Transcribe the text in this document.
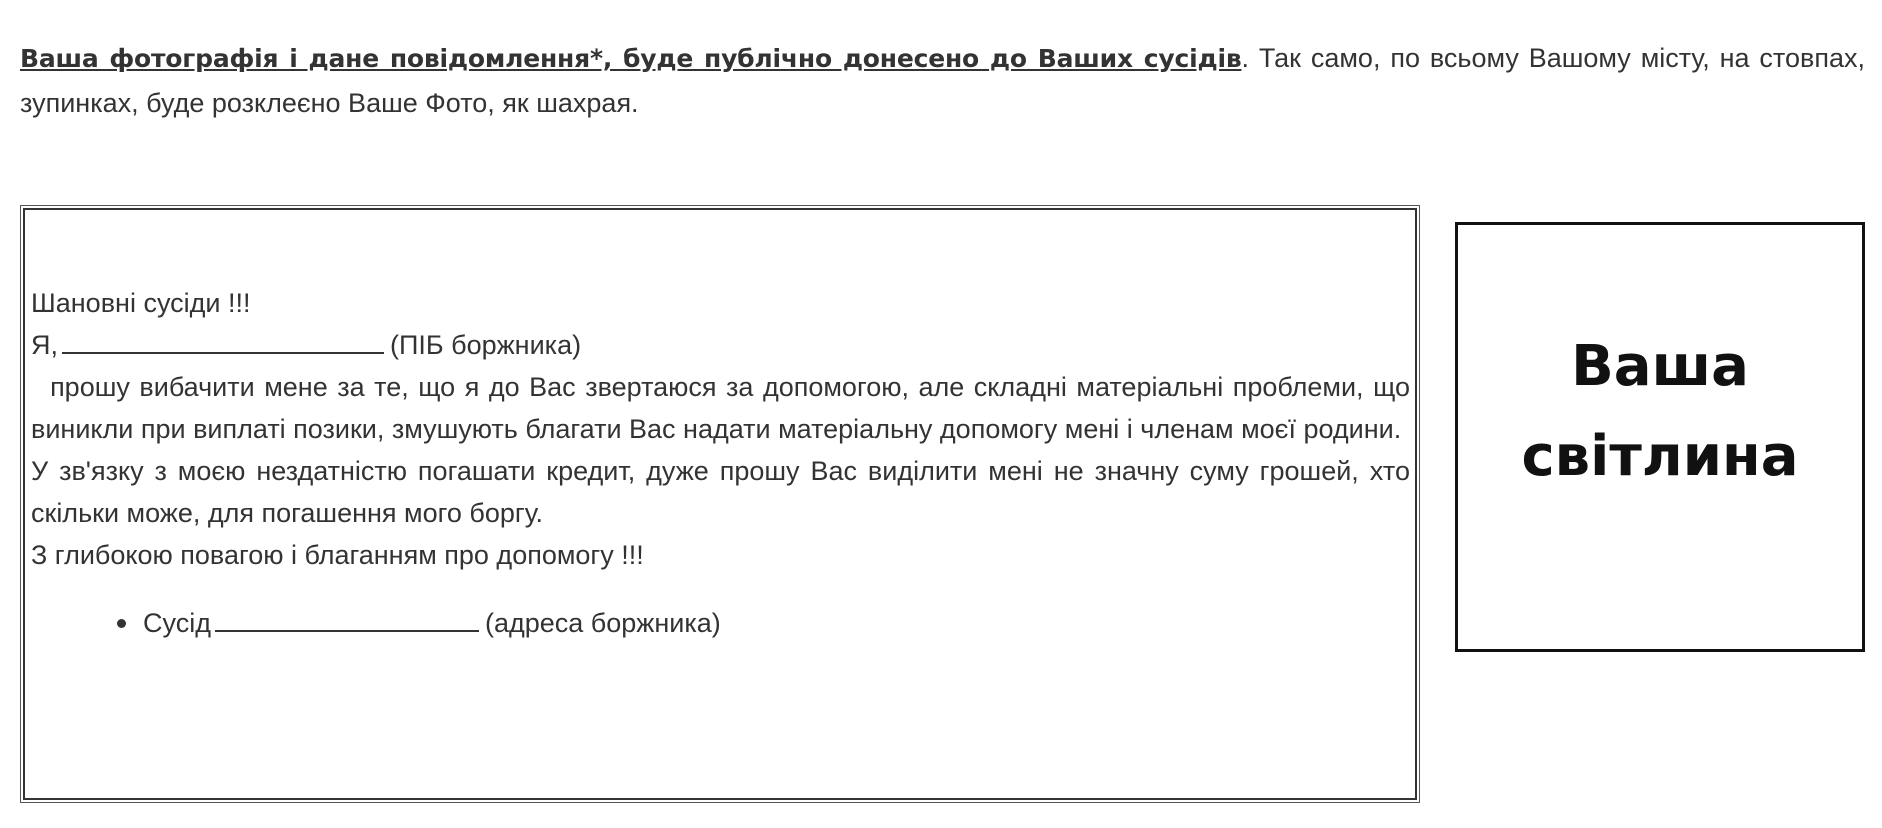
Ваша фотографія і дане повідомлення*, буде публічно донесено до Ваших сусідів. Так само, по всьому Вашому місту, на стовпах, зупинках, буде розклеєно Ваше Фото, як шахрая.

Шановні сусіди !!!

Я,	(ПІБ боржника)

прошу вибачити мене за те, що я до Вас звертаюся за допомогою, але складні матеріальні проблеми, що виникли при виплаті позики, змушують благати Вас надати матеріальну допомогу мені і членам моєї родини.

У зв'язку з моєю нездатністю погашати кредит, дуже прошу Вас виділити мені не значну суму грошей, хто скільки може, для погашення мого боргу.

З глибокою повагою і благанням про допомогу !!!

Сусід	(адреса боржника)
Ваша
світлина
